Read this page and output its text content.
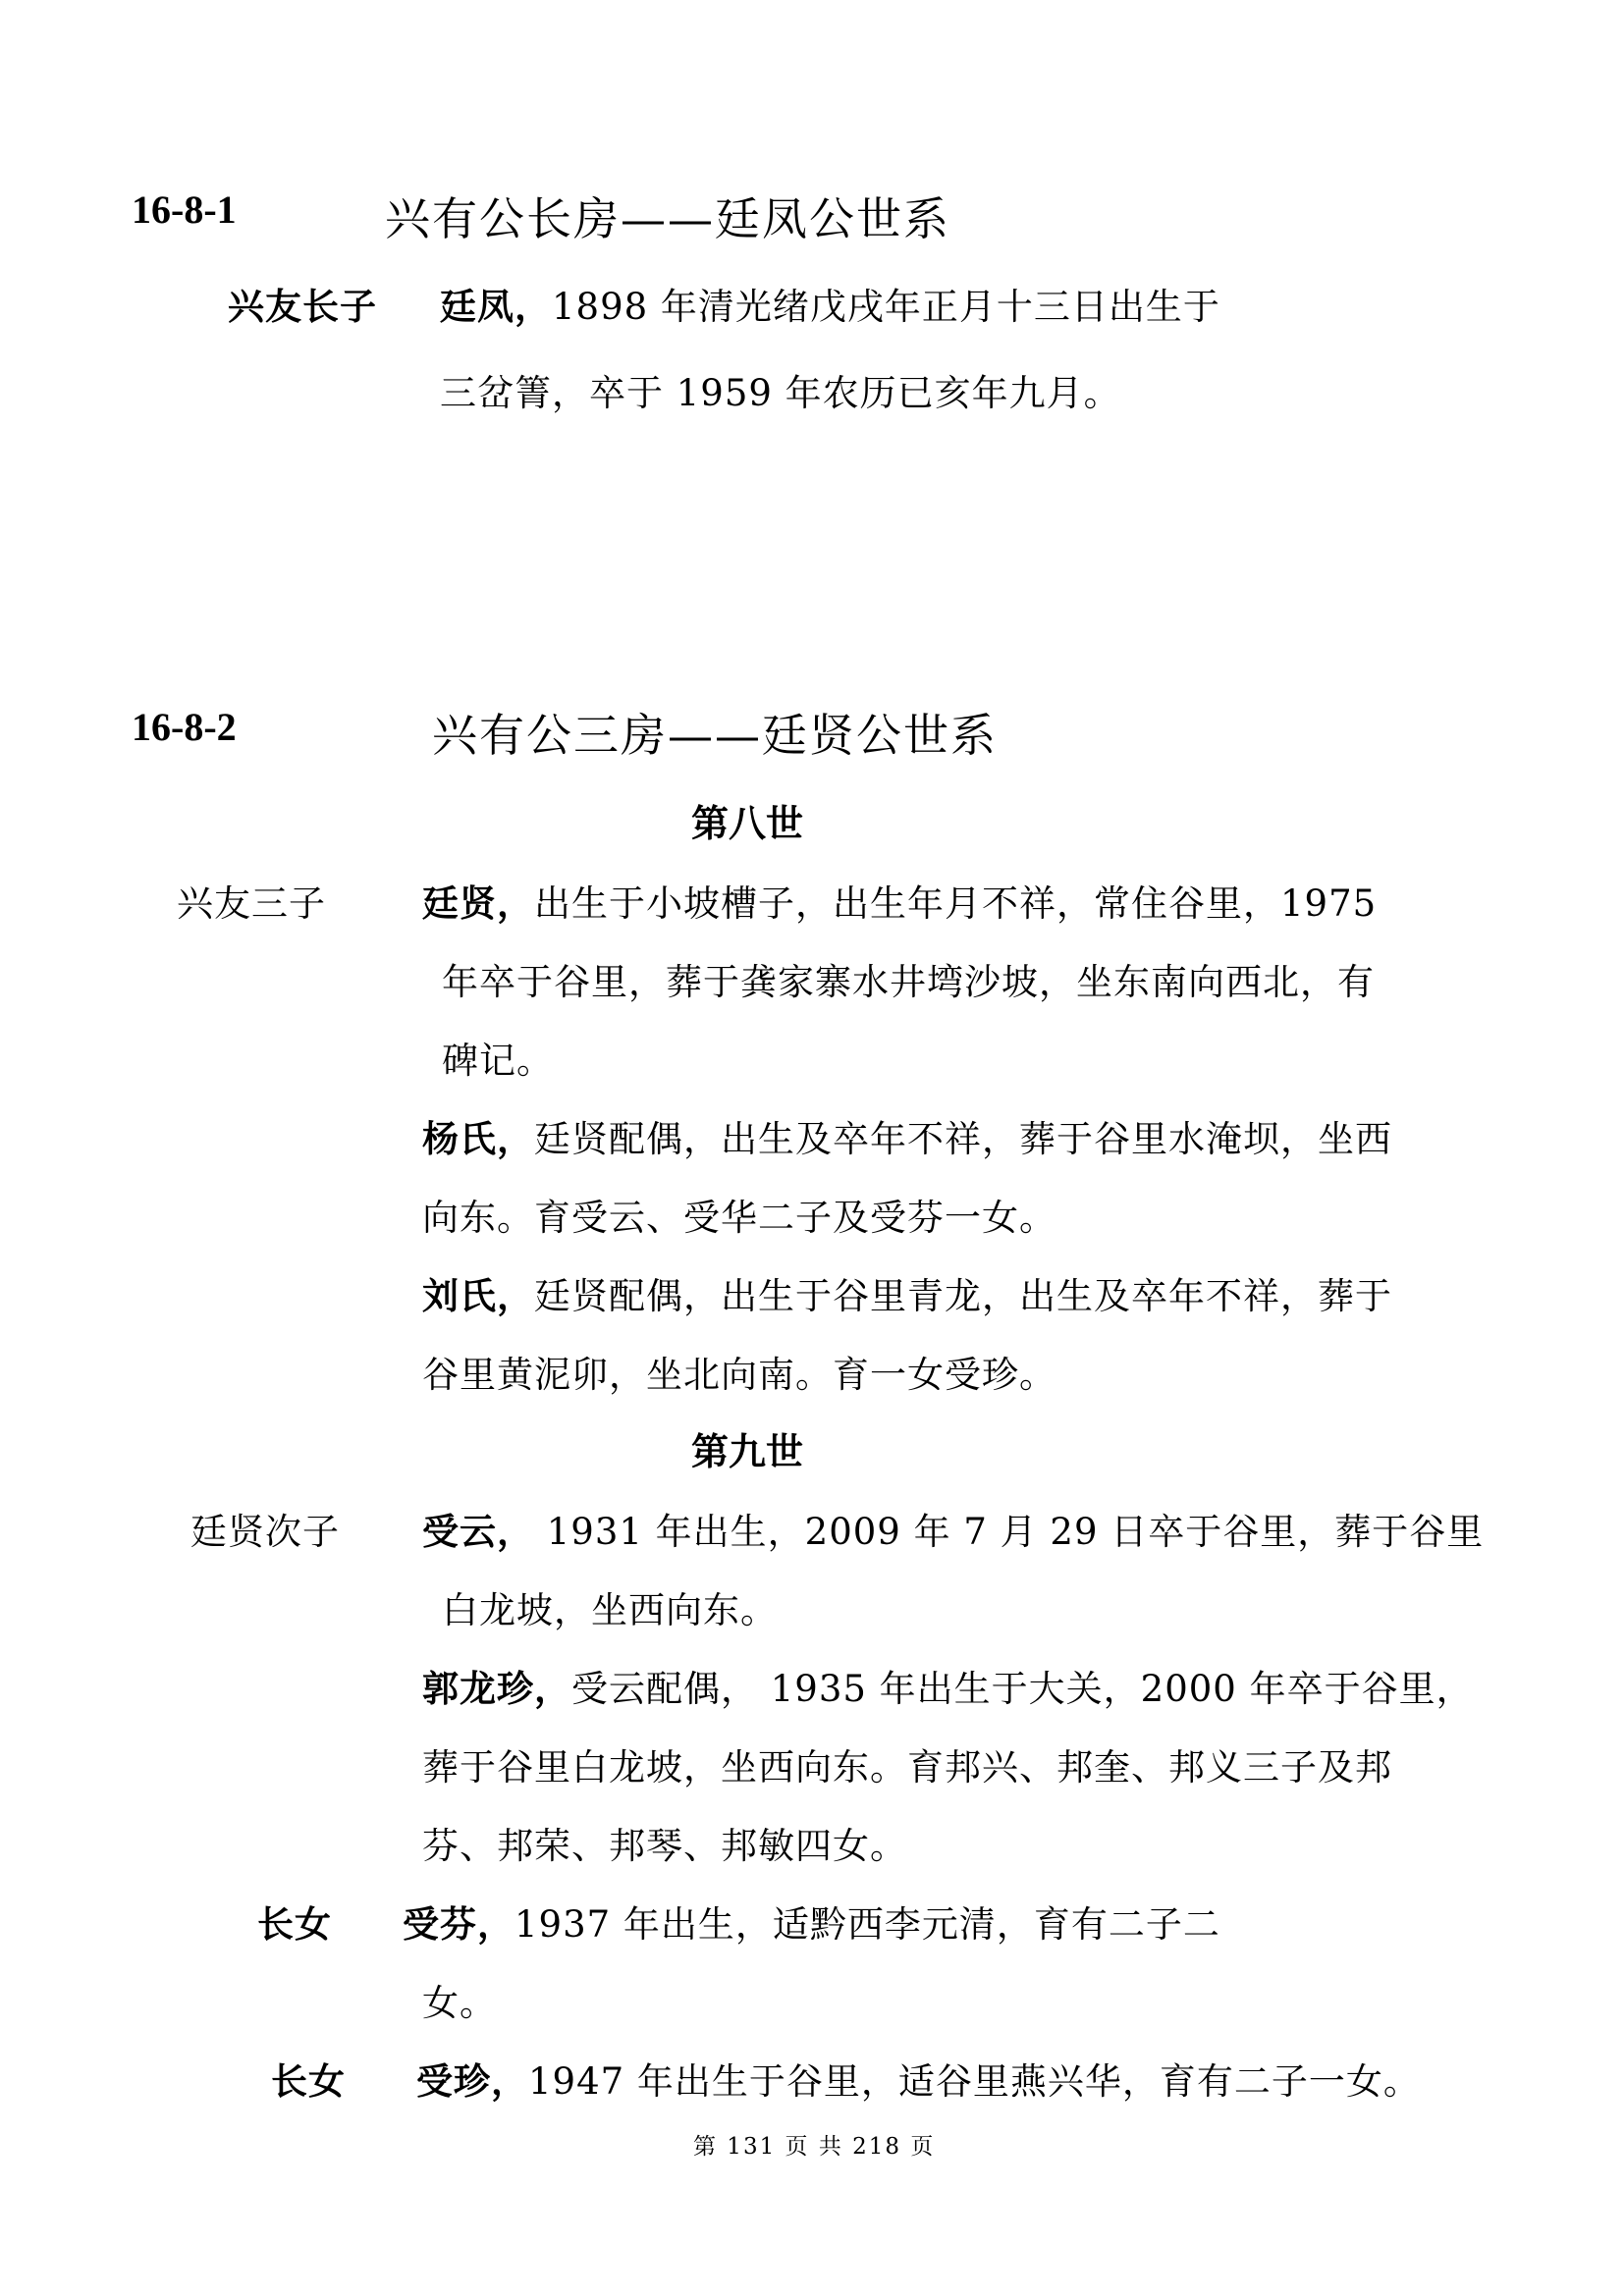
16-8-1	兴有公长房——廷凤公世系
兴友长子 廷凤，1898 年清光绪戊戌年正月十三日出生于
三岔箐，卒于 1959 年农历已亥年九月。
16-8-2	兴有公三房——廷贤公世系
第八世
兴友三子	廷贤，出生于小坡槽子，出生年月不祥，常住谷里，1975
年卒于谷里，葬于龚家寨水井塆沙坡，坐东南向西北，有
碑记。
杨氏，廷贤配偶，出生及卒年不祥，葬于谷里水淹坝，坐西
向东。育受云、受华二子及受芬一女。
刘氏，廷贤配偶，出生于谷里青龙，出生及卒年不祥，葬于
谷里黄泥卯，坐北向南。育一女受珍。
第九世
廷贤次子 受云， 1931 年出生，2009 年 7 月 29 日卒于谷里，葬于谷里
白龙坡，坐西向东。
郭龙珍，受云配偶， 1935 年出生于大关，2000 年卒于谷里，
葬于谷里白龙坡，坐西向东。育邦兴、邦奎、邦义三子及邦
芬、邦荣、邦琴、邦敏四女。
长女 受芬，1937 年出生，适黔西李元清，育有二子二
女。
长女 受珍，1947 年出生于谷里，适谷里燕兴华，育有二子一女。
第 131 页 共 218 页
